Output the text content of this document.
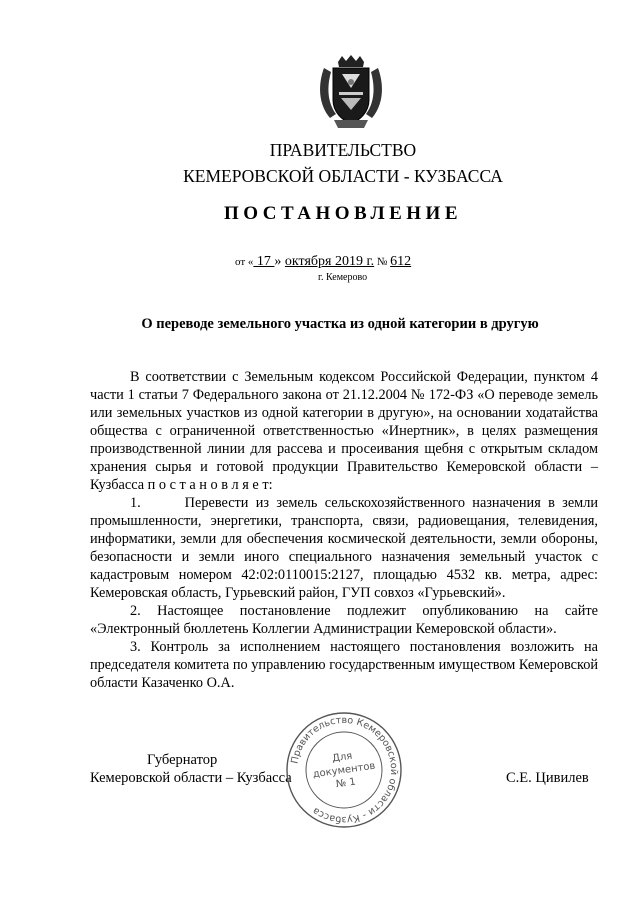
ПРАВИТЕЛЬСТВО
КЕМЕРОВСКОЙ ОБЛАСТИ - КУЗБАССА
ПОСТАНОВЛЕНИЕ
от « 17 » октября 2019 г. № 612
г. Кемерово
О переводе земельного участка из одной категории в другую

В соответствии с Земельным кодексом Российской Федерации, пунктом 4 части 1 статьи 7 Федерального закона от 21.12.2004 № 172-ФЗ «О переводе земель или земельных участков из одной категории в другую», на основании ходатайства общества с ограниченной ответственностью «Инертник», в целях размещения производственной линии для рассева и просеивания щебня с открытым складом хранения сырья и готовой продукции Правительство Кемеровской области – Кузбасса п о с т а н о в л я е т:

1.      Перевести из земель сельскохозяйственного назначения в земли промышленности, энергетики, транспорта, связи, радиовещания, телевидения, информатики, земли для обеспечения космической деятельности, земли обороны, безопасности и земли иного специального назначения земельный участок с кадастровым номером 42:02:0110015:2127, площадью 4532 кв. метра, адрес: Кемеровская область, Гурьевский район, ГУП совхоз «Гурьевский».

2. Настоящее постановление подлежит опубликованию на сайте «Электронный бюллетень Коллегии Администрации Кемеровской области».

3. Контроль за исполнением настоящего постановления возложить на председателя комитета по управлению государственным имуществом Кемеровской области Казаченко О.А.

Губернатор
Кемеровской области – Кузбасса	С.Е. Цивилев
Правительство Кемеровской области - Кузбасса
Для
документов
№ 1
